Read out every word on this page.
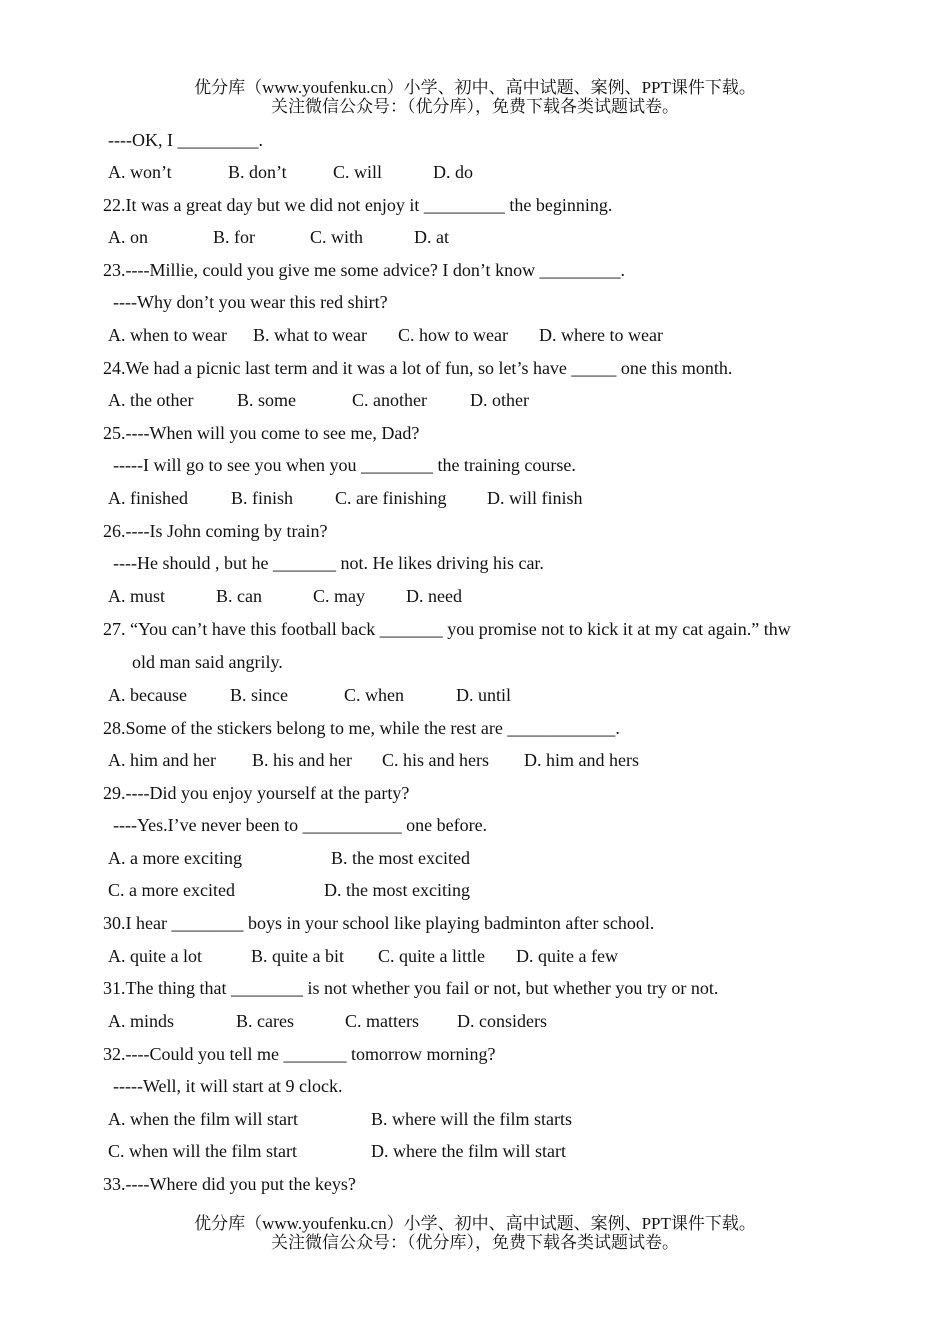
优分库（www.youfenku.cn）小学、初中、高中试题、案例、PPT课件下载。
关注微信公众号：（优分库），免费下载各类试题试卷。
----OK, I _________.
A. won’t	B. don’t	C. will	D. do
22.It was a great day but we did not enjoy it _________ the beginning.
A. on	B. for	C. with	D. at
23.----Millie, could you give me some advice? I don’t know _________.
----Why don’t you wear this red shirt?
A. when to wear B. what to wear C. how to wear D. where to wear
24.We had a picnic last term and it was a lot of fun, so let’s have _____ one this month.
A. the other B. some	C. another D. other
25.----When will you come to see me, Dad?
-----I will go to see you when you ________ the training course.
A. finished B. finish C. are finishing D. will finish
26.----Is John coming by train?
----He should , but he _______ not. He likes driving his car.
A. must	B. can	C. may D. need
27. “You can’t have this football back _______ you promise not to kick it at my cat again.” thw
old man said angrily.
A. because B. since	C. when	D. until
28.Some of the stickers belong to me, while the rest are ____________.
A. him and her B. his and her C. his and hers D. him and hers
29.----Did you enjoy yourself at the party?
----Yes.I’ve never been to ___________ one before.
A. a more exciting	B. the most excited
C. a more excited	D. the most exciting
30.I hear ________ boys in your school like playing badminton after school.
A. quite a lot	B. quite a bit C. quite a little D. quite a few
31.The thing that ________ is not whether you fail or not, but whether you try or not.
A. minds	B. cares	C. matters D. considers
32.----Could you tell me _______ tomorrow morning?
-----Well, it will start at 9 clock.
A. when the film will start	B. where will the film starts
C. when will the film start	D. where the film will start
33.----Where did you put the keys?
优分库（www.youfenku.cn）小学、初中、高中试题、案例、PPT课件下载。
关注微信公众号：（优分库），免费下载各类试题试卷。
